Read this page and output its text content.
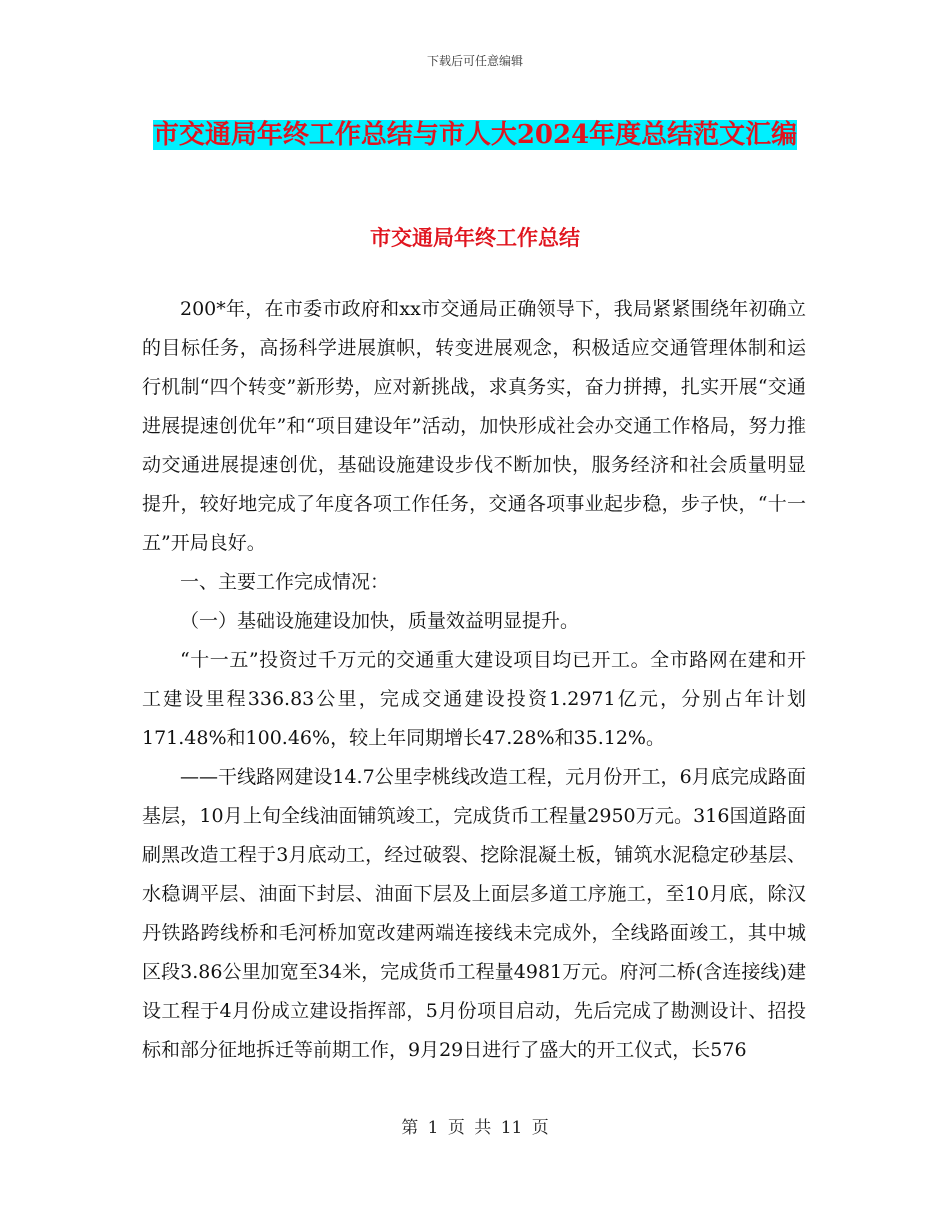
下载后可任意编辑
市交通局年终工作总结与市人大2024年度总结范文汇编
市交通局年终工作总结

200*年，在市委市政府和xx市交通局正确领导下，我局紧紧围绕年初确立的目标任务，高扬科学进展旗帜，转变进展观念，积极适应交通管理体制和运行机制“四个转变”新形势，应对新挑战，求真务实，奋力拼搏，扎实开展“交通进展提速创优年”和“项目建设年”活动，加快形成社会办交通工作格局，努力推动交通进展提速创优，基础设施建设步伐不断加快，服务经济和社会质量明显提升，较好地完成了年度各项工作任务，交通各项事业起步稳，步子快，“十一五”开局良好。

一、主要工作完成情况：

（一）基础设施建设加快，质量效益明显提升。

“十一五”投资过千万元的交通重大建设项目均已开工。全市路网在建和开工建设里程336.83公里，完成交通建设投资1.2971亿元，分别占年计划171.48%和100.46%，较上年同期增长47.28%和35.12%。

——干线路网建设14.7公里孛桃线改造工程，元月份开工，6月底完成路面基层，10月上旬全线油面铺筑竣工，完成货币工程量2950万元。316国道路面刷黑改造工程于3月底动工，经过破裂、挖除混凝土板，铺筑水泥稳定砂基层、水稳调平层、油面下封层、油面下层及上面层多道工序施工，至10月底，除汉丹铁路跨线桥和毛河桥加宽改建两端连接线未完成外，全线路面竣工，其中城区段3.86公里加宽至34米，完成货币工程量4981万元。府河二桥(含连接线)建设工程于4月份成立建设指挥部，5月份项目启动，先后完成了勘测设计、招投标和部分征地拆迁等前期工作，9月29日进行了盛大的开工仪式，长576

第 1 页 共 11 页
